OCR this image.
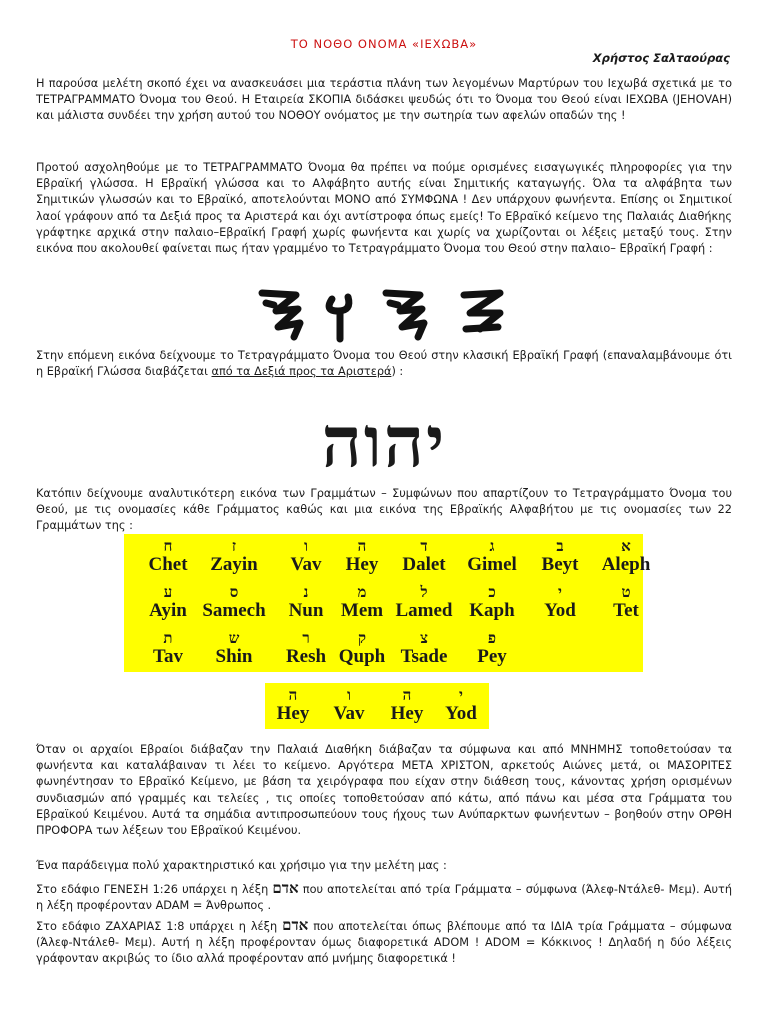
ΤΟ ΝΟΘΟ ΟΝΟΜΑ «ΙΕΧΩΒΑ»
Χρήστος Σαλταούρας

Η παρούσα μελέτη σκοπό έχει να ανασκευάσει μια τεράστια πλάνη των λεγομένων Μαρτύρων του Ιεχωβά σχετικά με το ΤΕΤΡΑΓΡΑΜΜΑΤΟ Όνομα του Θεού. Η Εταιρεία ΣΚΟΠΙΑ διδάσκει ψευδώς ότι το Όνομα του Θεού είναι ΙΕΧΩΒΑ (JEHOVAH) και μάλιστα συνδέει την χρήση αυτού του ΝΟΘΟΥ ονόματος με την σωτηρία των αφελών οπαδών της !

Προτού ασχοληθούμε με το ΤΕΤΡΑΓΡΑΜΜΑΤΟ Όνομα θα πρέπει να πούμε ορισμένες εισαγωγικές πληροφορίες για την Εβραϊκή γλώσσα. Η Εβραϊκή γλώσσα και το Αλφάβητο αυτής είναι Σημιτικής καταγωγής. Όλα τα αλφάβητα των Σημιτικών γλωσσών και το Εβραϊκό, αποτελούνται ΜΟΝΟ από ΣΥΜΦΩΝΑ ! Δεν υπάρχουν φωνήεντα. Επίσης οι Σημιτικοί λαοί γράφουν από τα Δεξιά προς τα Αριστερά και όχι αντίστροφα όπως εμείς! Το Εβραϊκό κείμενο της Παλαιάς Διαθήκης γράφτηκε αρχικά στην παλαιο–Εβραϊκή Γραφή χωρίς φωνήεντα και χωρίς να χωρίζονται οι λέξεις μεταξύ τους. Στην εικόνα που ακολουθεί φαίνεται πως ήταν γραμμένο το Τετραγράμματο Όνομα του Θεού στην παλαιο– Εβραϊκή Γραφή :

Στην επόμενη εικόνα δείχνουμε το Τετραγράμματο Όνομα του Θεού στην κλασική Εβραϊκή Γραφή (επαναλαμβάνουμε ότι η Εβραϊκή Γλώσσα διαβάζεται από τα Δεξιά προς τα Αριστερά) :

יהוה

Κατόπιν δείχνουμε αναλυτικότερη εικόνα των Γραμμάτων – Συμφώνων που απαρτίζουν το Τετραγράμματο Όνομα του Θεού, με τις ονομασίες κάθε Γράμματος καθώς και μια εικόνα της Εβραϊκής Αλφαβήτου με τις ονομασίες των 22 Γραμμάτων της :

ח
Chet
ז
Zayin
ו
Vav
ה
Hey
ד
Dalet
ג
Gimel
ב
Beyt
א
Aleph
ע
Ayin
ס
Samech
נ
Nun
מ
Mem
ל
Lamed
כ
Kaph
י
Yod
ט
Tet
ת
Tav
ש
Shin
ר
Resh
ק
Quph
צ
Tsade
פ
Pey
ה
Hey
ו
Vav
ה
Hey
י
Yod

Όταν οι αρχαίοι Εβραίοι διάβαζαν την Παλαιά Διαθήκη διάβαζαν τα σύμφωνα και από ΜΝΗΜΗΣ τοποθετούσαν τα φωνήεντα και καταλάβαιναν τι λέει το κείμενο. Αργότερα ΜΕΤΑ ΧΡΙΣΤΟΝ, αρκετούς Αιώνες μετά, οι ΜΑΣΟΡΙΤΕΣ φωνηέντησαν το Εβραϊκό Κείμενο, με βάση τα χειρόγραφα που είχαν στην διάθεση τους, κάνοντας χρήση ορισμένων συνδιασμών από γραμμές και τελείες , τις οποίες τοποθετούσαν από κάτω, από πάνω και μέσα στα Γράμματα του Εβραϊκού Κειμένου. Αυτά τα σημάδια αντιπροσωπεύουν τους ήχους των Ανύπαρκτων φωνήεντων – βοηθούν στην ΟΡΘΗ ΠΡΟΦΟΡΑ των λέξεων του Εβραϊκού Κειμένου.

Ένα παράδειγμα πολύ χαρακτηριστικό και χρήσιμο για την μελέτη μας :

Στο εδάφιο ΓΕΝΕΣΗ 1:26 υπάρχει η λέξη אדם που αποτελείται από τρία Γράμματα – σύμφωνα (Άλεφ-Ντάλεθ- Μεμ). Αυτή η λέξη προφέρονταν ADAM = Άνθρωπος .

Στο εδάφιο ΖΑΧΑΡΙΑΣ 1:8 υπάρχει η λέξη אדם που αποτελείται όπως βλέπουμε από τα ΙΔΙΑ τρία Γράμματα – σύμφωνα (Άλεφ-Ντάλεθ- Μεμ). Αυτή η λέξη προφέρονταν όμως διαφορετικά ADOM ! ADOM = Κόκκινος ! Δηλαδή η δύο λέξεις γράφονταν ακριβώς το ίδιο αλλά προφέρονταν από μνήμης διαφορετικά !
